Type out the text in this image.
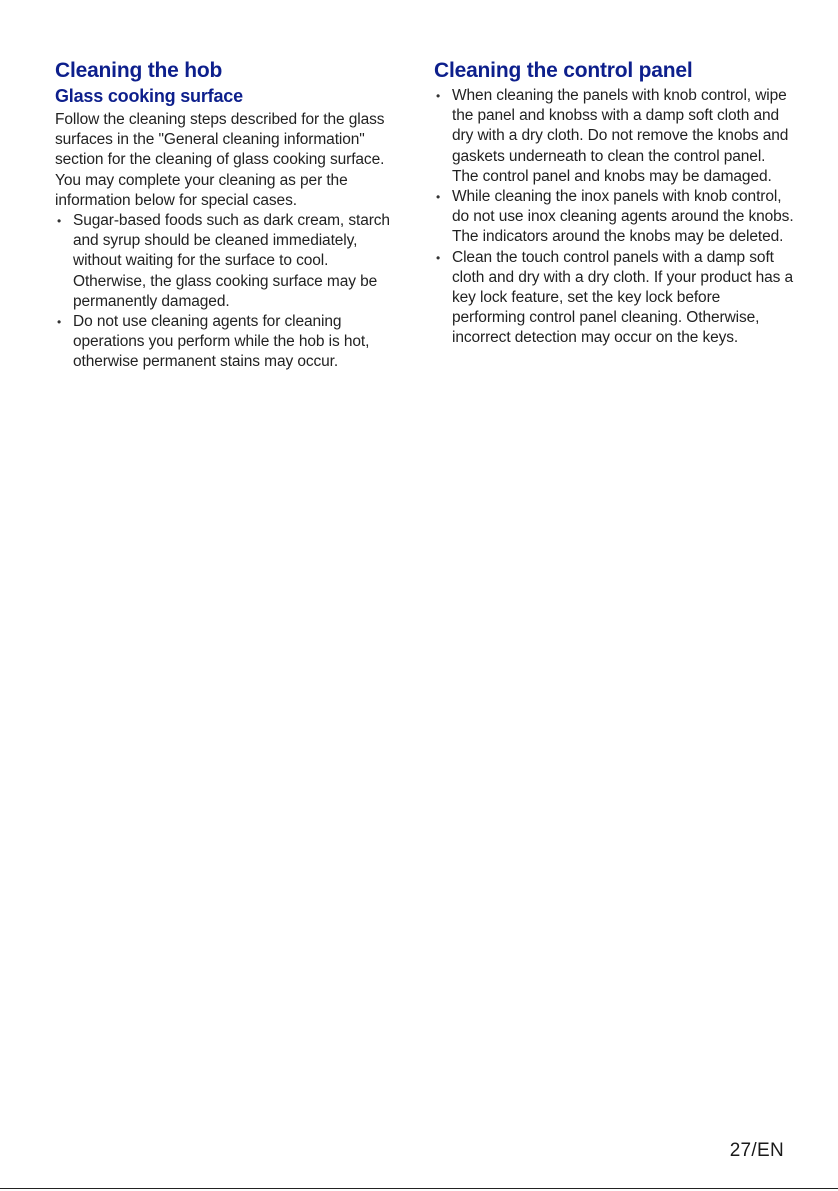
Cleaning the hob
Glass cooking surface

Follow the cleaning steps described for the glass surfaces in the "General cleaning information" section for the cleaning of glass cooking surface. You may complete your cleaning as per the information below for special cases.

• Sugar-based foods such as dark cream, starch and syrup should be cleaned immediately, without waiting for the surface to cool. Otherwise, the glass cooking surface may be permanently damaged.
• Do not use cleaning agents for cleaning operations you perform while the hob is hot, otherwise permanent stains may occur.
Cleaning the control panel
• When cleaning the panels with knob control, wipe the panel and knobss with a damp soft cloth and dry with a dry cloth. Do not remove the knobs and gaskets underneath to clean the control panel. The control panel and knobs may be damaged.
• While cleaning the inox panels with knob control, do not use inox cleaning agents around the knobs. The indicators around the knobs may be deleted.
• Clean the touch control panels with a damp soft cloth and dry with a dry cloth. If your product has a key lock feature, set the key lock before performing control panel cleaning. Otherwise, incorrect detection may occur on the keys.
27/EN
